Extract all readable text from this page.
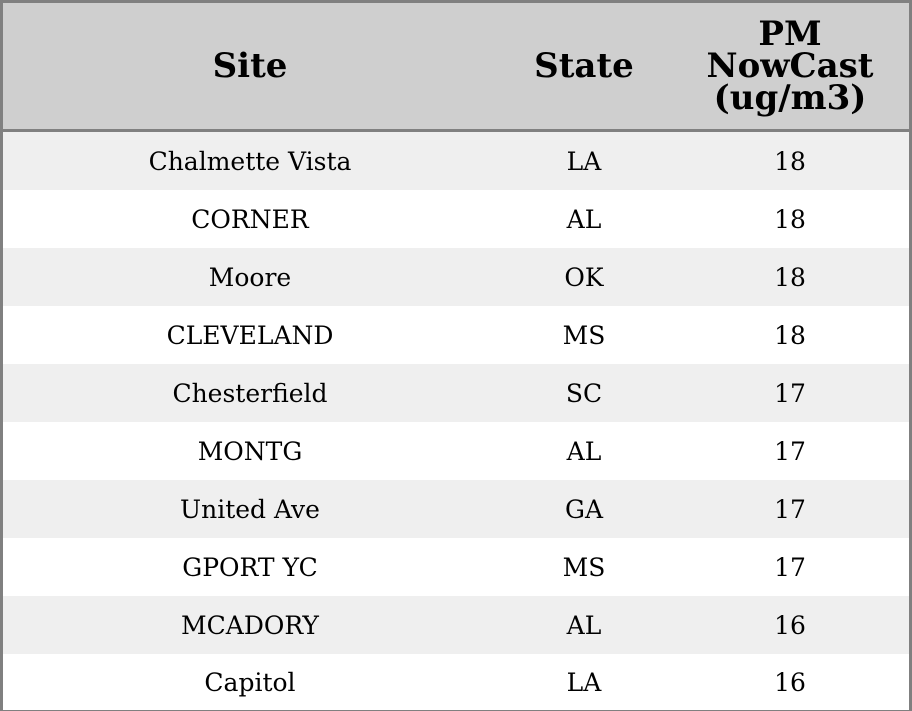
Site	State	PM
NowCast
(ug/m3)

Chalmette Vista	LA	18
CORNER	AL	18
Moore	OK	18
CLEVELAND	MS	18
Chesterfield	SC	17
MONTG	AL	17
United Ave	GA	17
GPORT YC	MS	17
MCADORY	AL	16
Capitol	LA	16
